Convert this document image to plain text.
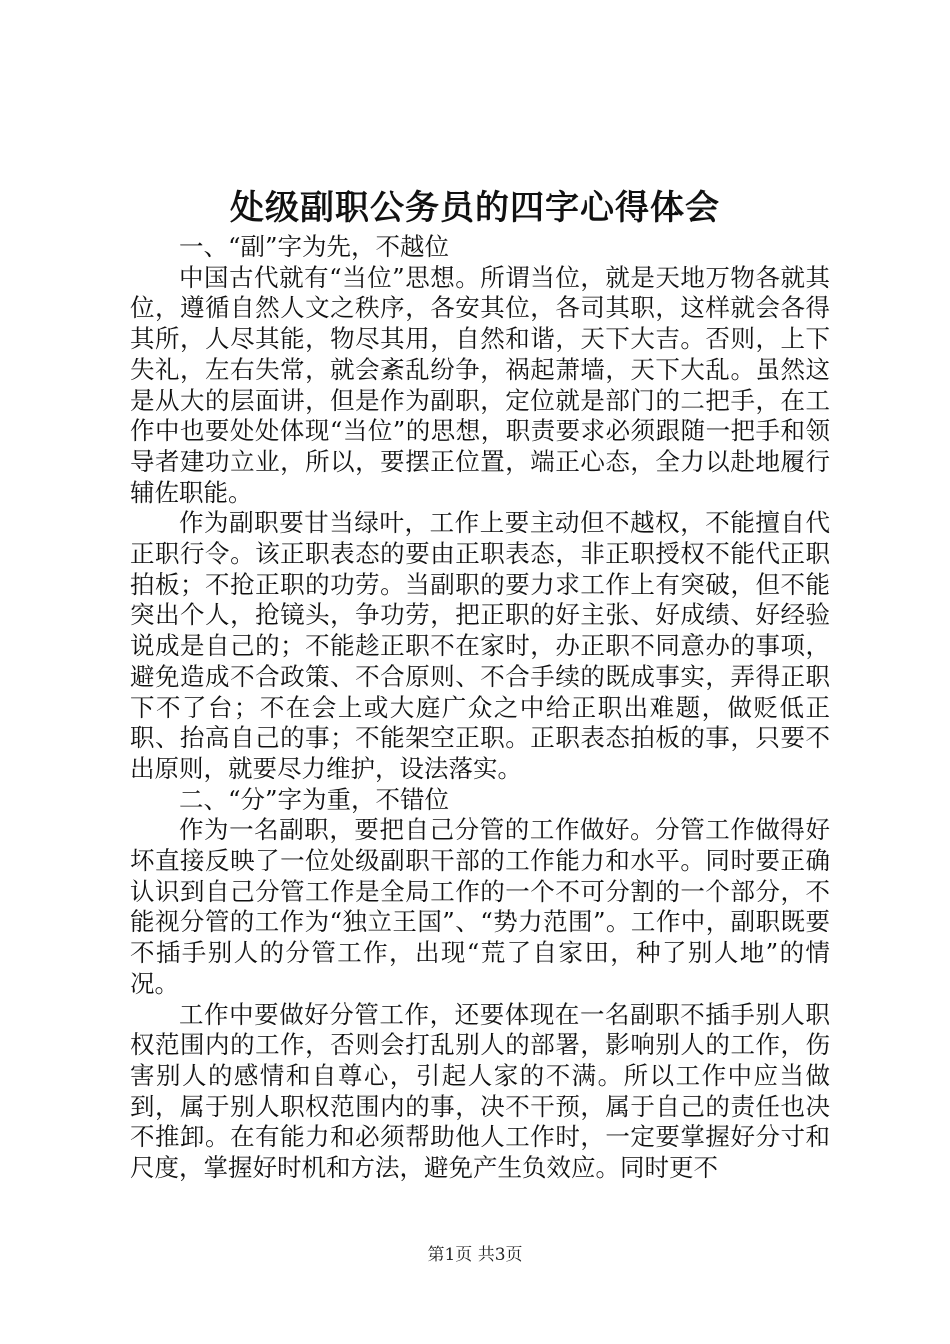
处级副职公务员的四字心得体会

一、“副”字为先，不越位

中国古代就有“当位”思想。所谓当位，就是天地万物各就其位，遵循自然人文之秩序，各安其位，各司其职，这样就会各得其所，人尽其能，物尽其用，自然和谐，天下大吉。否则，上下失礼，左右失常，就会紊乱纷争，祸起萧墙，天下大乱。虽然这是从大的层面讲，但是作为副职，定位就是部门的二把手，在工作中也要处处体现“当位”的思想，职责要求必须跟随一把手和领导者建功立业，所以，要摆正位置，端正心态，全力以赴地履行辅佐职能。

作为副职要甘当绿叶，工作上要主动但不越权，不能擅自代正职行令。该正职表态的要由正职表态，非正职授权不能代正职拍板；不抢正职的功劳。当副职的要力求工作上有突破，但不能突出个人，抢镜头，争功劳，把正职的好主张、好成绩、好经验说成是自己的；不能趁正职不在家时，办正职不同意办的事项，避免造成不合政策、不合原则、不合手续的既成事实，弄得正职下不了台；不在会上或大庭广众之中给正职出难题，做贬低正职、抬高自己的事；不能架空正职。正职表态拍板的事，只要不出原则，就要尽力维护，设法落实。

二、“分”字为重，不错位

作为一名副职，要把自己分管的工作做好。分管工作做得好坏直接反映了一位处级副职干部的工作能力和水平。同时要正确认识到自己分管工作是全局工作的一个不可分割的一个部分，不能视分管的工作为“独立王国”、“势力范围”。工作中，副职既要不插手别人的分管工作，出现“荒了自家田，种了别人地”的情况。

工作中要做好分管工作，还要体现在一名副职不插手别人职权范围内的工作，否则会打乱别人的部署，影响别人的工作，伤害别人的感情和自尊心，引起人家的不满。所以工作中应当做到，属于别人职权范围内的事，决不干预，属于自己的责任也决不推卸。在有能力和必须帮助他人工作时，一定要掌握好分寸和尺度，掌握好时机和方法，避免产生负效应。同时更不

第1页 共3页
